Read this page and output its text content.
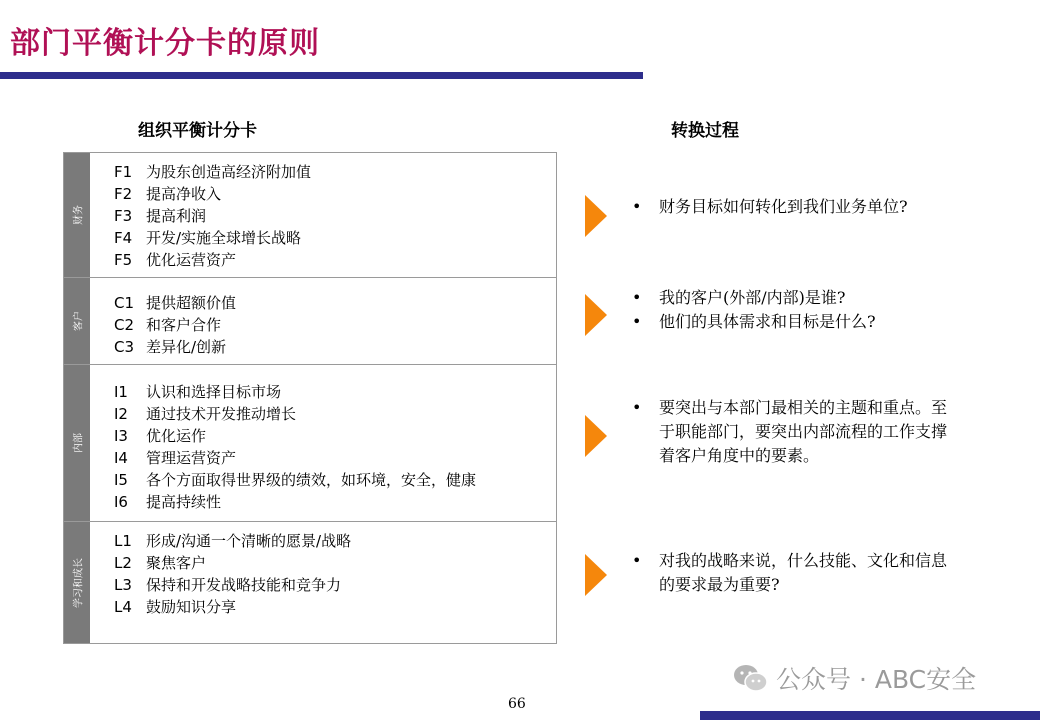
部门平衡计分卡的原则
组织平衡计分卡	转换过程
财务
F1 为股东创造高经济附加值
F2 提高净收入
F3 提高利润
F4 开发/实施全球增长战略
F5 优化运营资产
客户
C1 提供超额价值
C2 和客户合作
C3 差异化/创新
内部
I1 认识和选择目标市场
I2 通过技术开发推动增长
I3 优化运作
I4 管理运营资产
I5 各个方面取得世界级的绩效，如环境，安全，健康
I6 提高持续性
学习和成长
L1 形成/沟通一个清晰的愿景/战略
L2 聚焦客户
L3 保持和开发战略技能和竞争力
L4 鼓励知识分享
• 财务目标如何转化到我们业务单位?
• 我的客户(外部/内部)是谁?
• 他们的具体需求和目标是什么?
• 要突出与本部门最相关的主题和重点。至于职能部门，要突出内部流程的工作支撑着客户角度中的要素。
• 对我的战略来说，什么技能、文化和信息的要求最为重要?
公众号 · ABC安全
66
